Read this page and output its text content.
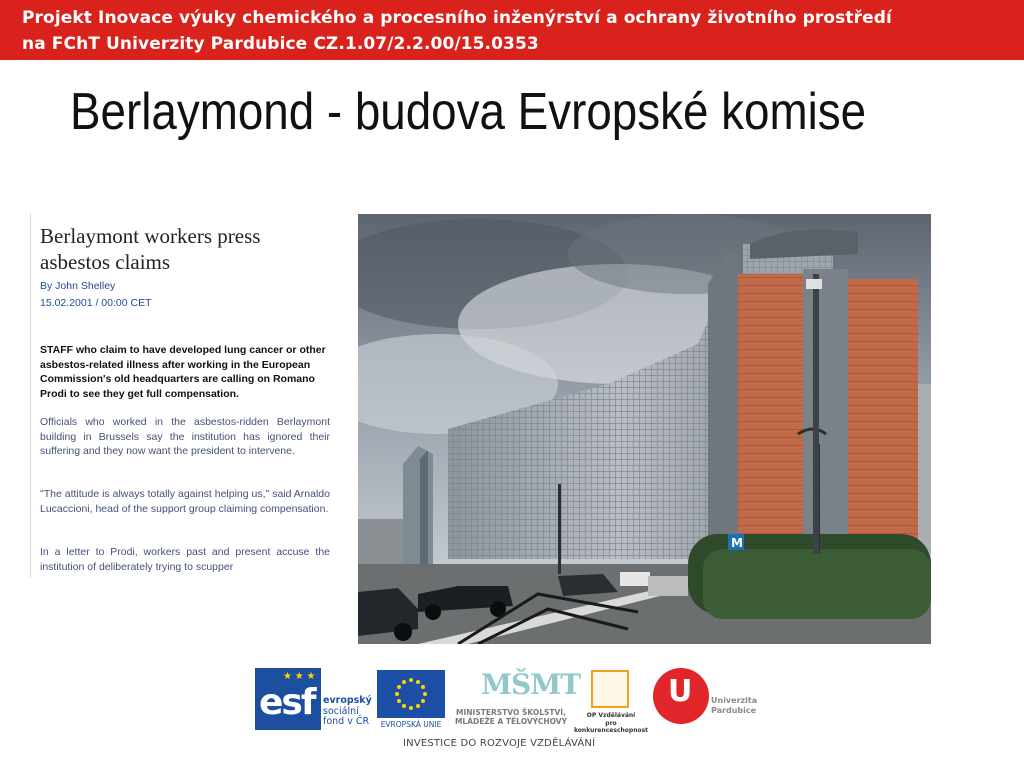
Projekt Inovace výuky chemického a procesního inženýrství a ochrany životního prostředí
na FChT Univerzity Pardubice CZ.1.07/2.2.00/15.0353
Berlaymond - budova Evropské komise
Berlaymont workers press asbestos claims
By John Shelley
15.02.2001 / 00:00 CET
STAFF who claim to have developed lung cancer or other asbestos-related illness after working in the European Commission's old headquarters are calling on Romano Prodi to see they get full compensation.
Officials who worked in the asbestos-ridden Berlaymont building in Brussels say the institution has ignored their suffering and they now want the president to intervene.
"The attitude is always totally against helping us," said Arnaldo Lucaccioni, head of the support group claiming compensation.
In a letter to Prodi, workers past and present accuse the institution of deliberately trying to scupper
M
★ ★ ★
esf evropský
sociální
fond v ČR	EVROPSKÁ UNIE
MŠMT
MINISTERSTVO ŠKOLSTVÍ,
MLÁDEŽE A TĚLOVÝCHOVY
OP Vzdělávání
pro konkurenceschopnost
U Univerzita
Pardubice
INVESTICE DO ROZVOJE VZDĚLÁVÁNÍ
